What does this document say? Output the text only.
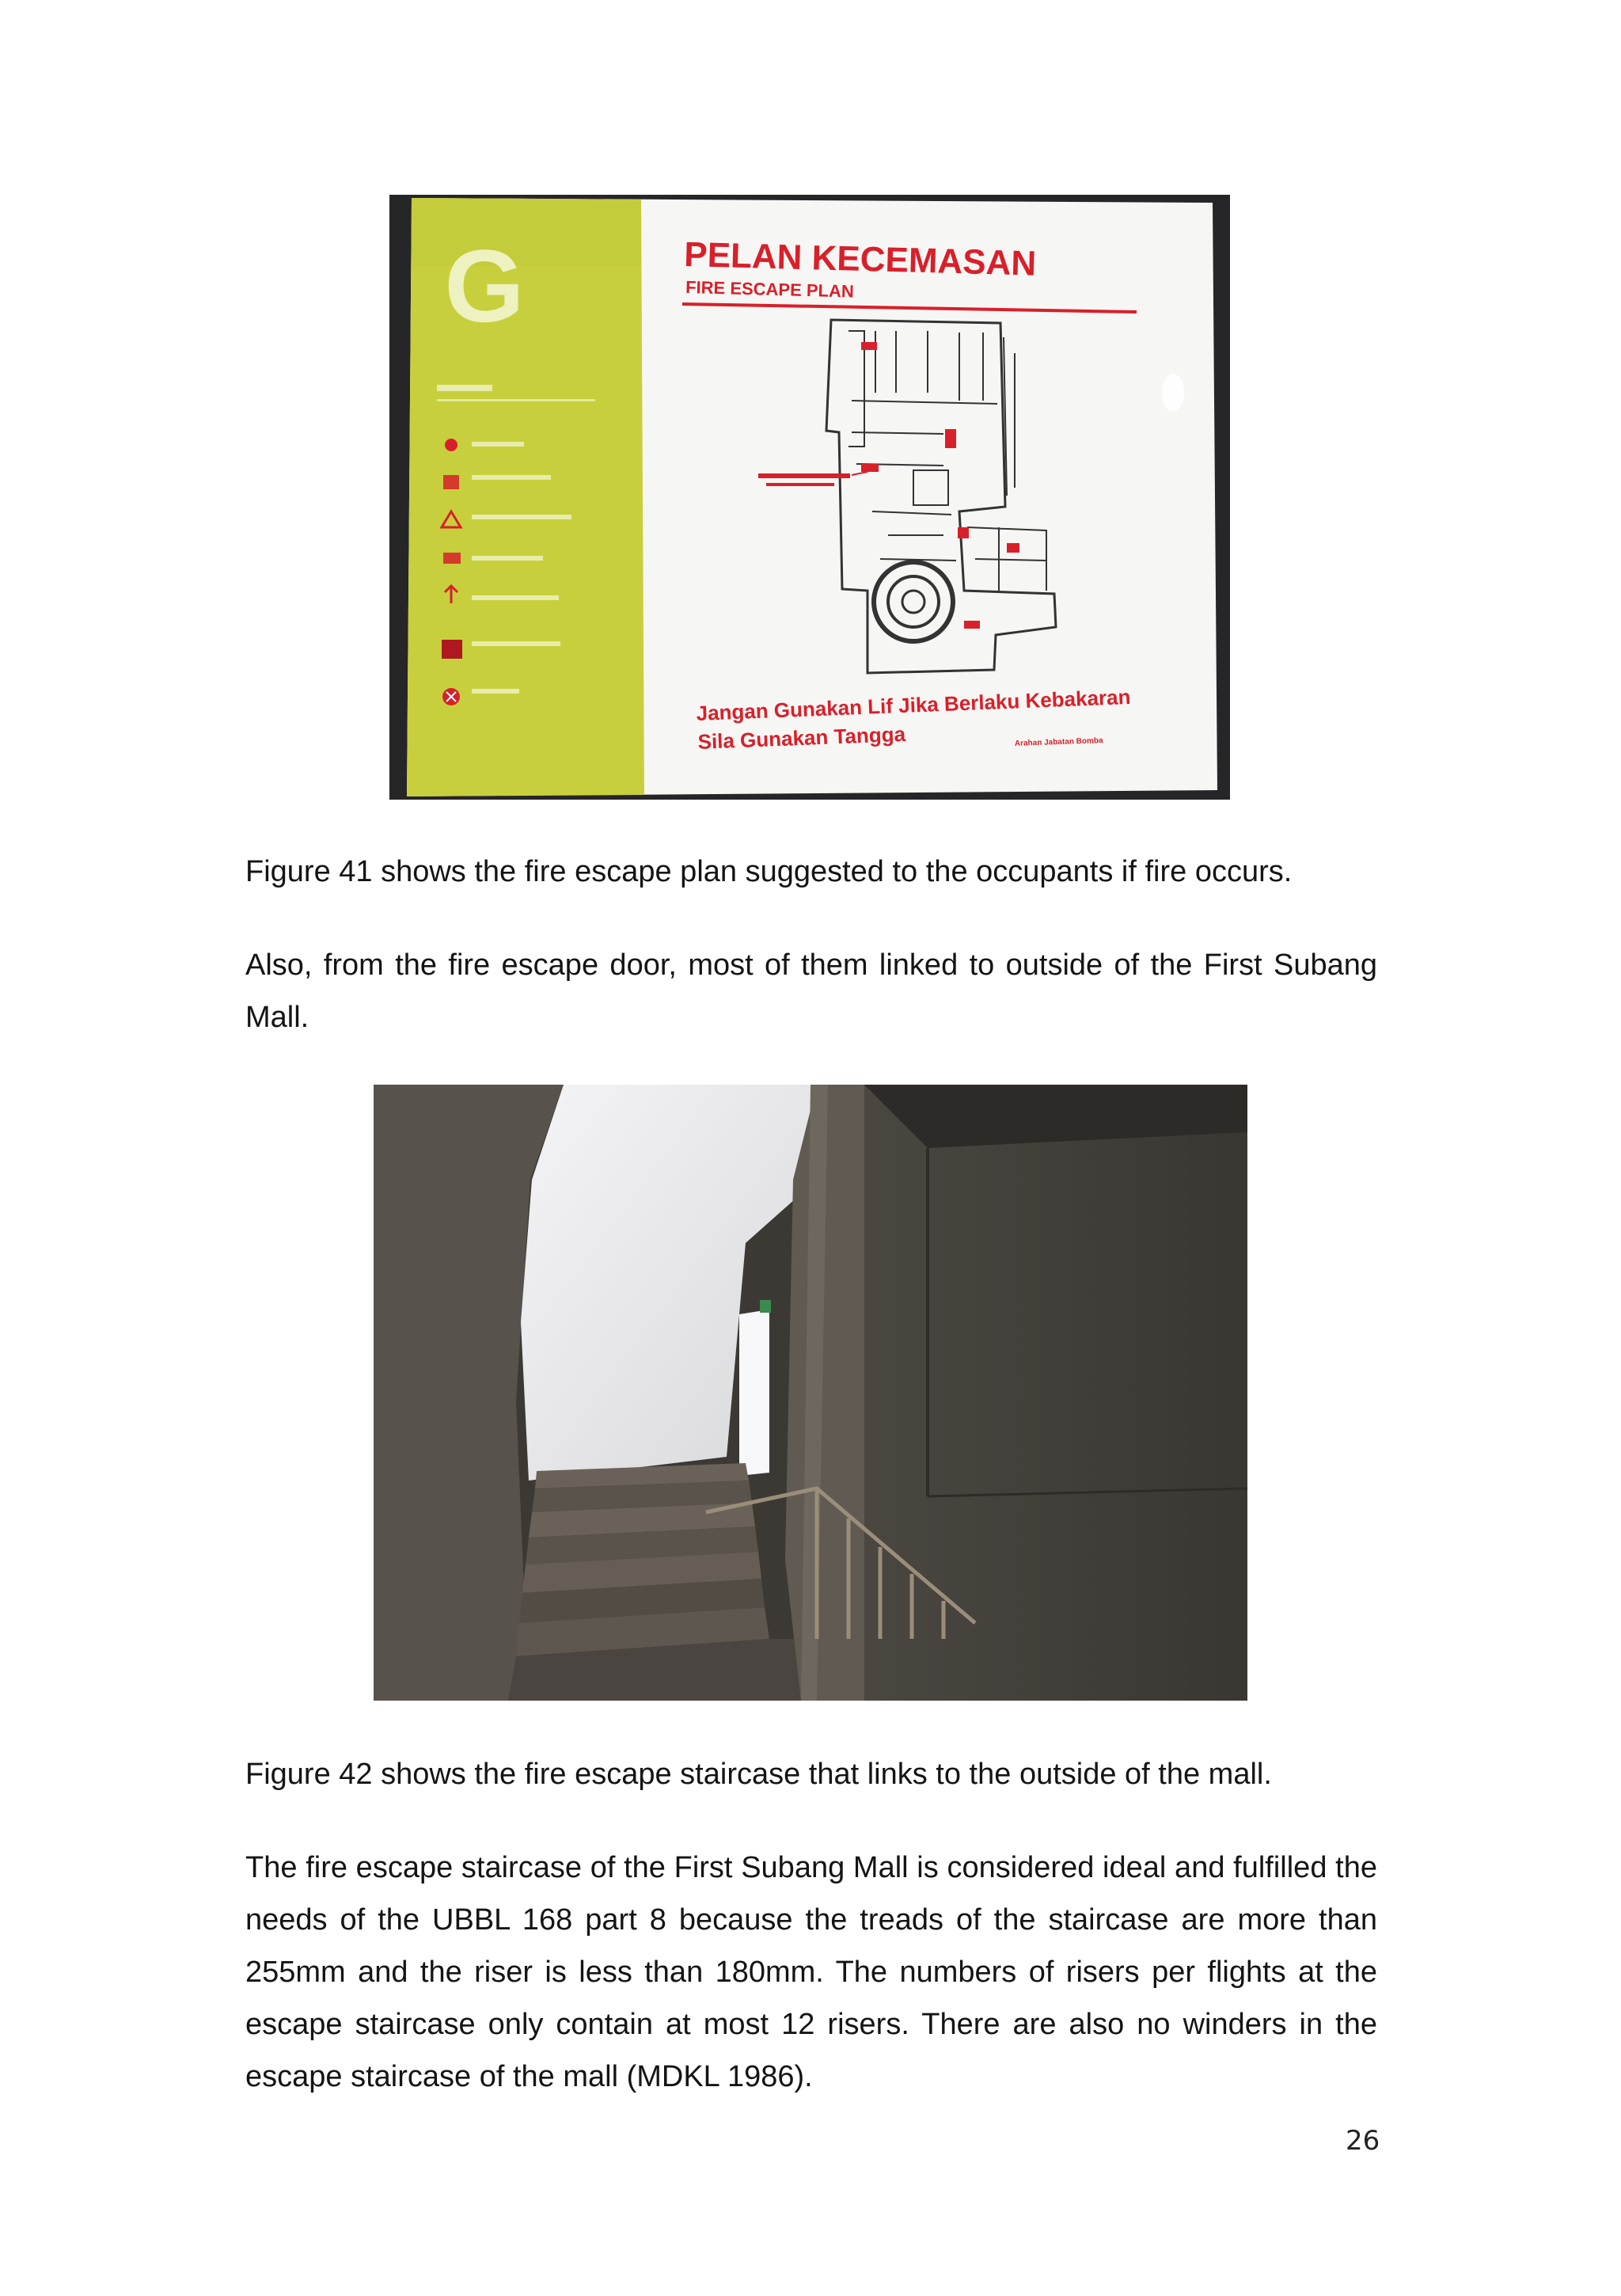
G	PELAN KECEMASAN
FIRE ESCAPE PLAN
Jangan Gunakan Lif Jika Berlaku Kebakaran
Sila Gunakan Tangga	Arahan Jabatan Bomba

Figure 41 shows the fire escape plan suggested to the occupants if fire occurs.

Also, from the fire escape door, most of them linked to outside of the First Subang Mall.

Figure 42 shows the fire escape staircase that links to the outside of the mall.

The fire escape staircase of the First Subang Mall is considered ideal and fulfilled the needs of the UBBL 168 part 8 because the treads of the staircase are more than 255mm and the riser is less than 180mm. The numbers of risers per flights at the escape staircase only contain at most 12 risers. There are also no winders in the escape staircase of the mall (MDKL 1986).

26
